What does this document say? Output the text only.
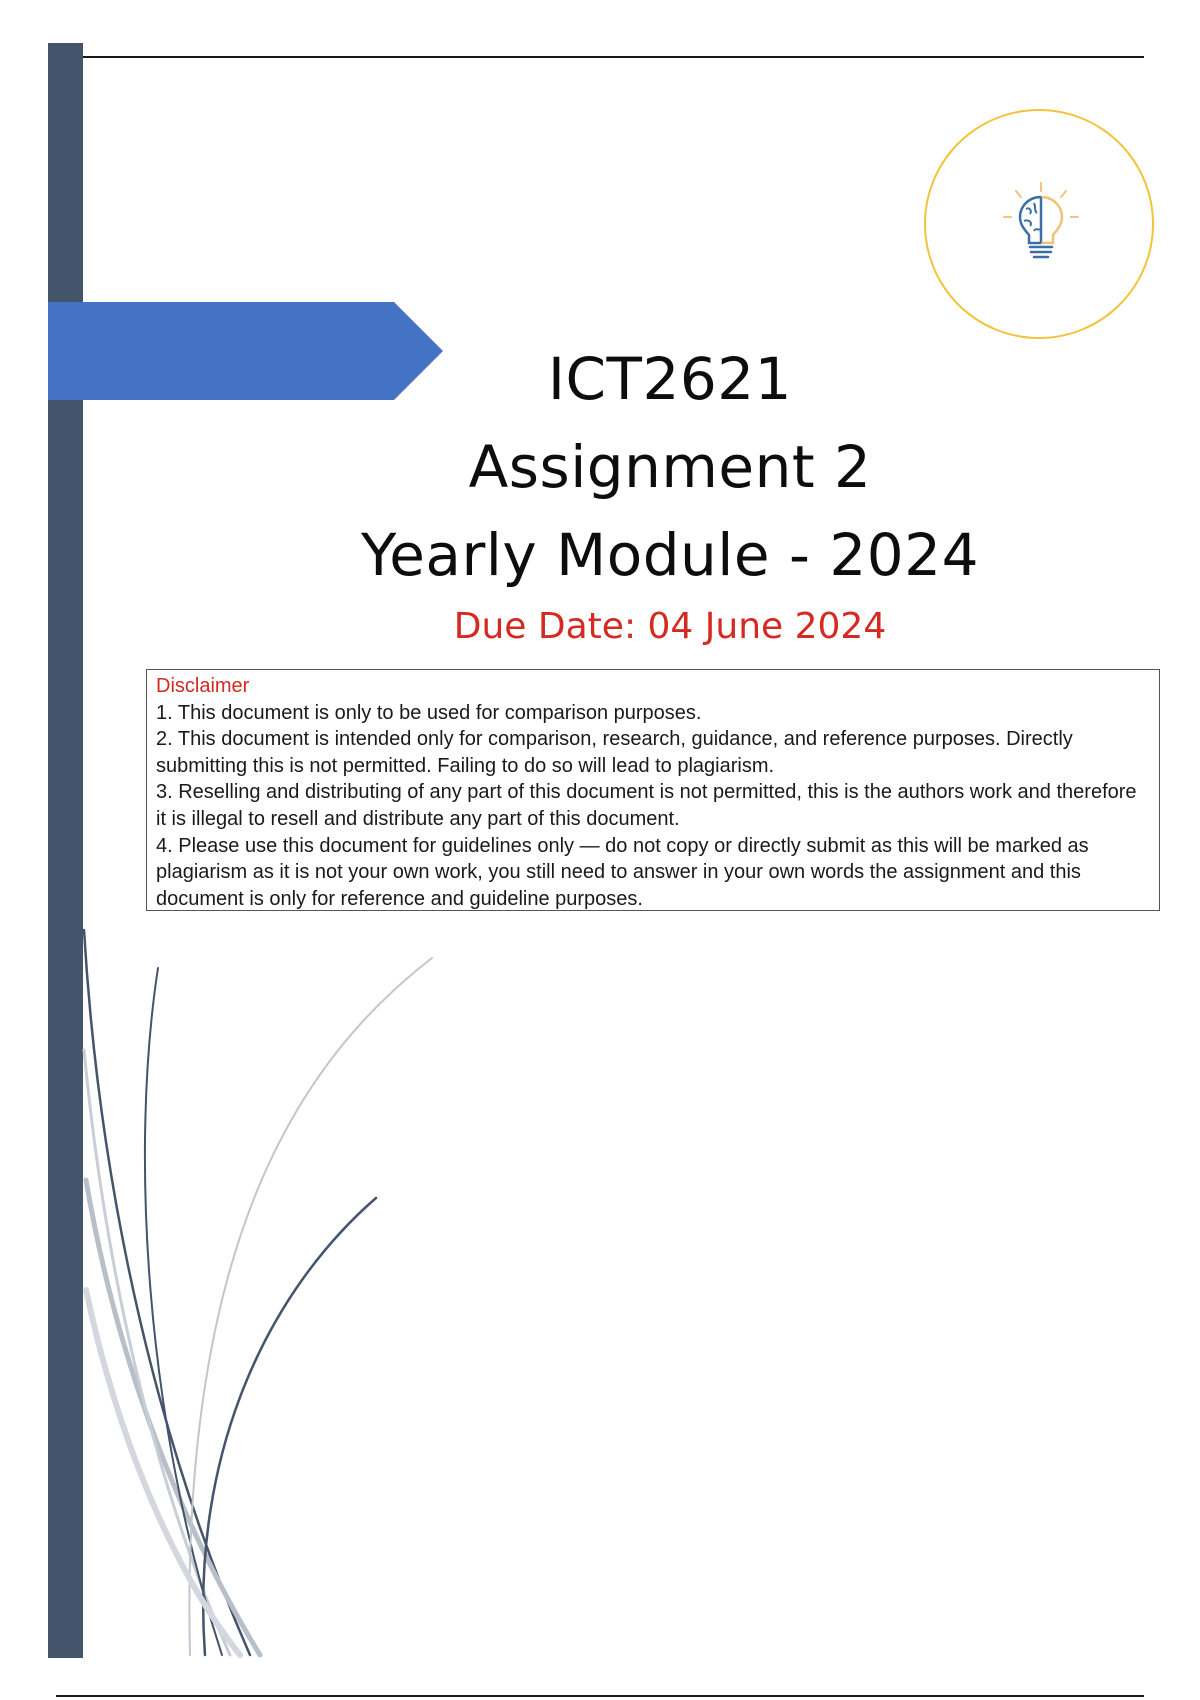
ICT2621
Assignment 2
Yearly Module - 2024
Due Date: 04 June 2024
Disclaimer
1. This document is only to be used for comparison purposes.
2. This document is intended only for comparison, research, guidance, and reference purposes. Directly submitting this is not permitted. Failing to do so will lead to plagiarism.
3. Reselling and distributing of any part of this document is not permitted, this is the authors work and therefore it is illegal to resell and distribute any part of this document.
4. Please use this document for guidelines only — do not copy or directly submit as this will be marked as plagiarism as it is not your own work, you still need to answer in your own words the assignment and this document is only for reference and guideline purposes.
